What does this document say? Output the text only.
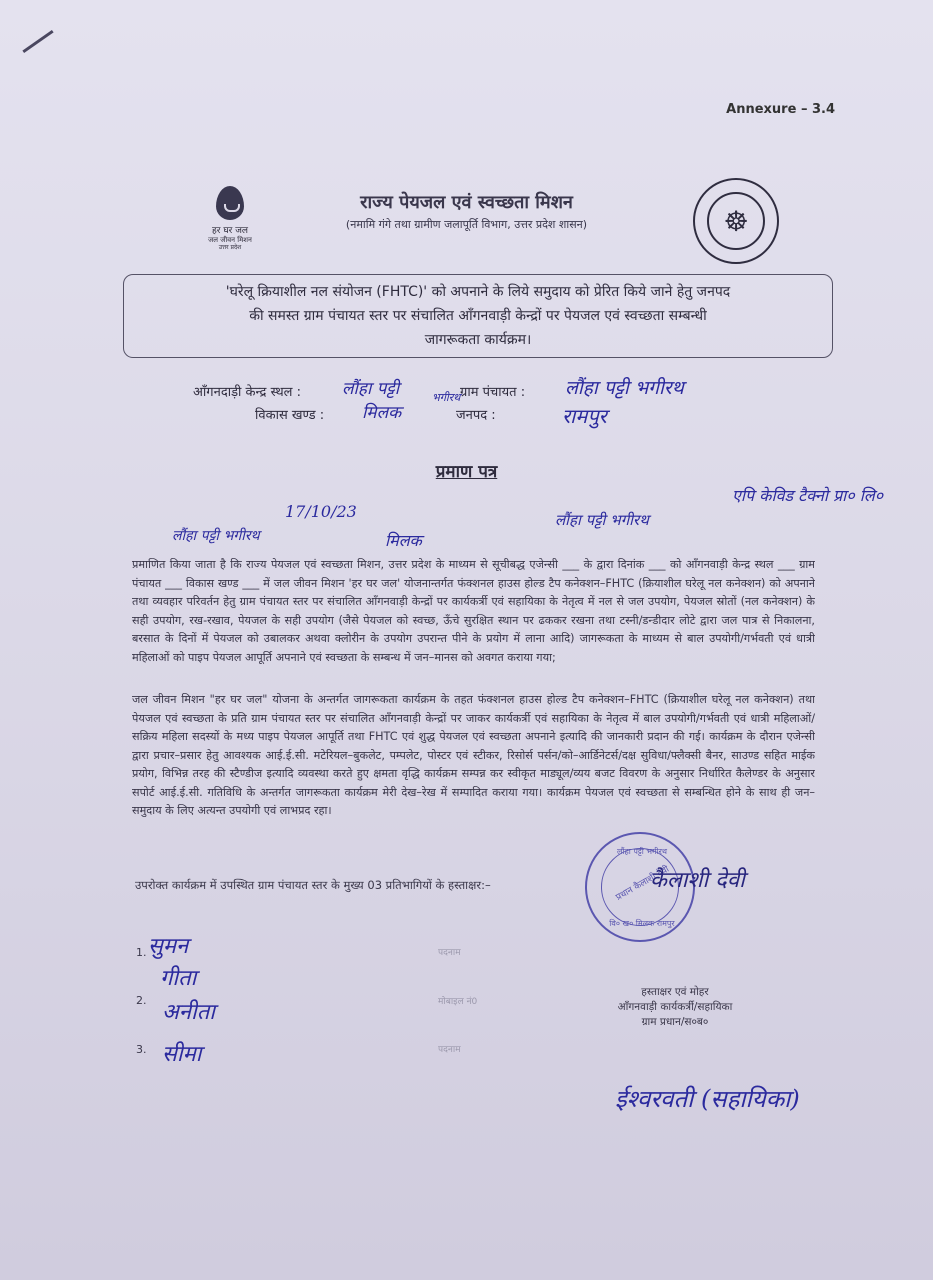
Annexure – 3.4
हर घर जल
जल जीवन मिशन
उत्तर प्रदेश
☸
राज्य पेयजल एवं स्वच्छता मिशन
(नमामि गंगे तथा ग्रामीण जलापूर्ति विभाग, उत्तर प्रदेश शासन)
'घरेलू क्रियाशील नल संयोजन (FHTC)' को अपनाने के लिये समुदाय को प्रेरित किये जाने हेतु जनपद
की समस्त ग्राम पंचायत स्तर पर संचालित आँगनवाड़ी केन्द्रों पर पेयजल एवं स्वच्छता सम्बन्धी
जागरूकता कार्यक्रम।
आँगनदाड़ी केन्द्र स्थल : लौंहा पट्टी	भगीरथ ग्राम पंचायत : लौंहा पट्टी भगीरथ
विकास खण्ड : मिलक	जनपद :	रामपुर
प्रमाण पत्र
एपि केविड टैक्नो प्रा० लि०
17/10/23	लौंहा पट्टी भगीरथ
लौंहा पट्टी भगीरथ	मिलक
प्रमाणित किया जाता है कि राज्य पेयजल एवं स्वच्छता मिशन, उत्तर प्रदेश के माध्यम से सूचीबद्ध एजेन्सी ___ के द्वारा दिनांक ___ को आँगनवाड़ी केन्द्र स्थल ___ ग्राम पंचायत ___ विकास खण्ड ___ में जल जीवन मिशन 'हर घर जल' योजनान्तर्गत फंक्शनल हाउस होल्ड टैप कनेक्शन–FHTC (क्रियाशील घरेलू नल कनेक्शन) को अपनाने तथा व्यवहार परिवर्तन हेतु ग्राम पंचायत स्तर पर संचालित आँगनवाड़ी केन्द्रों पर कार्यकर्त्री एवं सहायिका के नेतृत्व में नल से जल उपयोग, पेयजल स्रोतों (नल कनेक्शन) के सही उपयोग, रख-रखाव, पेयजल के सही उपयोग (जैसे पेयजल को स्वच्छ, ऊँचे सुरक्षित स्थान पर ढककर रखना तथा टस्नी/डन्डीदार लोटे द्वारा जल पात्र से निकालना, बरसात के दिनों में पेयजल को उबालकर अथवा क्लोरीन के उपयोग उपरान्त पीने के प्रयोग में लाना आदि) जागरूकता के माध्यम से बाल उपयोगी/गर्भवती एवं धात्री महिलाओं को पाइप पेयजल आपूर्ति अपनाने एवं स्वच्छता के सम्बन्ध में जन–मानस को अवगत कराया गया;
जल जीवन मिशन "हर घर जल" योजना के अन्तर्गत जागरूकता कार्यक्रम के तहत फंक्शनल हाउस होल्ड टैप कनेक्शन–FHTC (क्रियाशील घरेलू नल कनेक्शन) तथा पेयजल एवं स्वच्छता के प्रति ग्राम पंचायत स्तर पर संचालित आँगनवाड़ी केन्द्रों पर जाकर कार्यकर्त्री एवं सहायिका के नेतृत्व में बाल उपयोगी/गर्भवती एवं धात्री महिलाओं/सक्रिय महिला सदस्यों के मध्य पाइप पेयजल आपूर्ति तथा FHTC एवं शुद्ध पेयजल एवं स्वच्छता अपनाने इत्यादि की जानकारी प्रदान की गई। कार्यक्रम के दौरान एजेन्सी द्वारा प्रचार–प्रसार हेतु आवश्यक आई.ई.सी. मटेरियल–बुकलेट, पम्पलेट, पोस्टर एवं स्टीकर, रिसोर्स पर्सन/को–आर्डिनेटर्स/दक्ष सुविधा/फ्लैक्सी बैनर, साउण्ड सहित माईक प्रयोग, विभिन्न तरह की स्टैण्डीज इत्यादि व्यवस्था करते हुए क्षमता वृद्धि कार्यक्रम सम्पन्न कर स्वीकृत माड्यूल/व्यय बजट विवरण के अनुसार निर्धारित कैलेण्डर के अनुसार सपोर्ट आई.ई.सी. गतिविधि के अन्तर्गत जागरूकता कार्यक्रम मेरी देख–रेख में सम्पादित कराया गया। कार्यक्रम पेयजल एवं स्वच्छता से सम्बन्धित होने के साथ ही जन–समुदाय के लिए अत्यन्त उपयोगी एवं लाभप्रद रहा।
उपरोक्त कार्यक्रम में उपस्थित ग्राम पंचायत स्तर के मुख्य 03 प्रतिभागियों के हस्ताक्षर:–
1.
2.
3.
सुमन
गीता
अनीता
सीमा
पदनाम
मोबाइल नं0
पदनाम
लौंहा पट्टी भगीरथ
प्रधान कैलाशी देवी
वि० ख० मिलक रामपुर
कैलाशी देवी
हस्ताक्षर एवं मोहर
आँगनवाड़ी कार्यकर्त्री/सहायिका
ग्राम प्रधान/स०ब०
ईश्वरवती (सहायिका)
